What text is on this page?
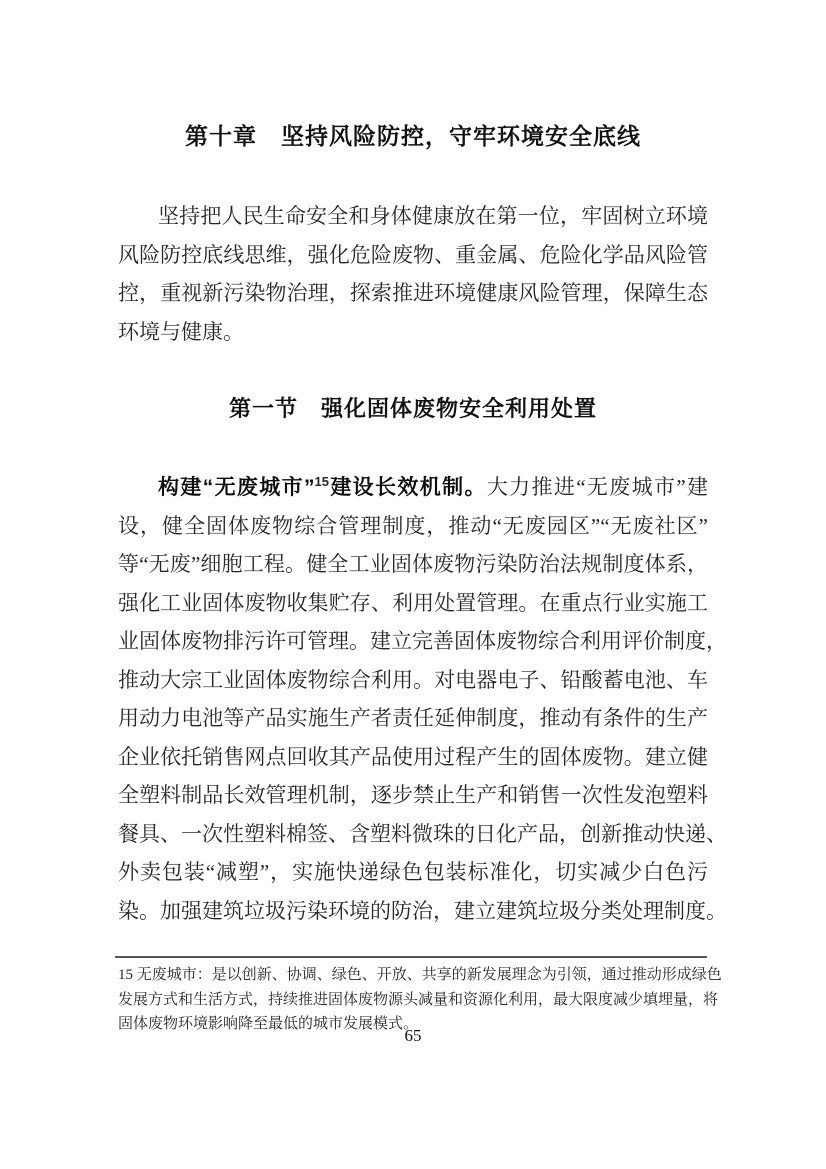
第十章　坚持风险防控，守牢环境安全底线
坚持把人民生命安全和身体健康放在第一位，牢固树立环境
风险防控底线思维，强化危险废物、重金属、危险化学品风险管
控，重视新污染物治理，探索推进环境健康风险管理，保障生态
环境与健康。
第一节　强化固体废物安全利用处置
构建“无废城市”$^{15}$建设长效机制。大力推进“无废城市”建
设，健全固体废物综合管理制度，推动“无废园区”“无废社区”
等“无废”细胞工程。健全工业固体废物污染防治法规制度体系，
强化工业固体废物收集贮存、利用处置管理。在重点行业实施工
业固体废物排污许可管理。建立完善固体废物综合利用评价制度，
推动大宗工业固体废物综合利用。对电器电子、铅酸蓄电池、车
用动力电池等产品实施生产者责任延伸制度，推动有条件的生产
企业依托销售网点回收其产品使用过程产生的固体废物。建立健
全塑料制品长效管理机制，逐步禁止生产和销售一次性发泡塑料
餐具、一次性塑料棉签、含塑料微珠的日化产品，创新推动快递、
外卖包装“减塑”，实施快递绿色包装标准化，切实减少白色污
染。加强建筑垃圾污染环境的防治，建立建筑垃圾分类处理制度。
15 无废城市：是以创新、协调、绿色、开放、共享的新发展理念为引领，通过推动形成绿色
发展方式和生活方式，持续推进固体废物源头减量和资源化利用，最大限度减少填埋量，将
固体废物环境影响降至最低的城市发展模式。
65
